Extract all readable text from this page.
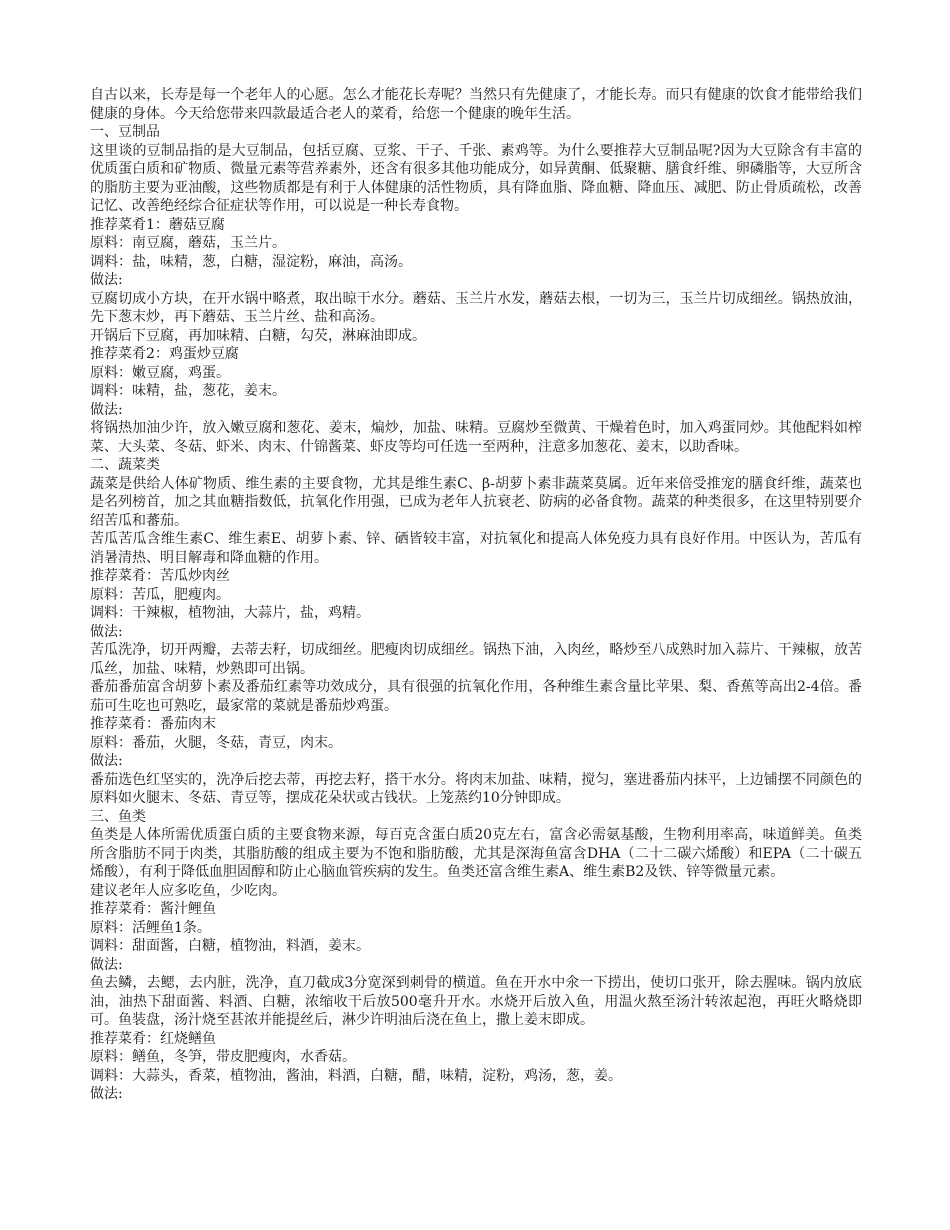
自古以来，长寿是每一个老年人的心愿。怎么才能花长寿呢？当然只有先健康了，才能长寿。而只有健康的饮食才能带给我们健康的身体。今天给您带来四款最适合老人的菜肴，给您一个健康的晚年生活。

一、豆制品

这里谈的豆制品指的是大豆制品，包括豆腐、豆浆、干子、千张、素鸡等。为什么要推荐大豆制品呢?因为大豆除含有丰富的优质蛋白质和矿物质、微量元素等营养素外，还含有很多其他功能成分，如异黄酮、低聚糖、膳食纤维、卵磷脂等，大豆所含的脂肪主要为亚油酸，这些物质都是有利于人体健康的活性物质，具有降血脂、降血糖、降血压、减肥、防止骨质疏松，改善记忆、改善绝经综合征症状等作用，可以说是一种长寿食物。

推荐菜肴1：蘑菇豆腐

原料：南豆腐，蘑菇，玉兰片。

调料：盐，味精，葱，白糖，湿淀粉，麻油，高汤。

做法:

豆腐切成小方块，在开水锅中略煮，取出晾干水分。蘑菇、玉兰片水发，蘑菇去根，一切为三，玉兰片切成细丝。锅热放油，先下葱末炒，再下蘑菇、玉兰片丝、盐和高汤。

开锅后下豆腐，再加味精、白糖，勾芡，淋麻油即成。

推荐菜肴2：鸡蛋炒豆腐

原料：嫩豆腐，鸡蛋。

调料：味精，盐，葱花，姜末。

做法:

将锅热加油少许，放入嫩豆腐和葱花、姜末，煸炒，加盐、味精。豆腐炒至微黄、干燥着色时，加入鸡蛋同炒。其他配料如榨菜、大头菜、冬菇、虾米、肉末、什锦酱菜、虾皮等均可任选一至两种，注意多加葱花、姜末，以助香味。

二、蔬菜类

蔬菜是供给人体矿物质、维生素的主要食物，尤其是维生素C、β-胡萝卜素非蔬菜莫属。近年来倍受推宠的膳食纤维，蔬菜也是名列榜首，加之其血糖指数低，抗氧化作用强，已成为老年人抗衰老、防病的必备食物。蔬菜的种类很多，在这里特别要介绍苦瓜和蕃茄。

苦瓜苦瓜含维生素C、维生素E、胡萝卜素、锌、硒皆较丰富，对抗氧化和提高人体免疫力具有良好作用。中医认为，苦瓜有消暑清热、明目解毒和降血糖的作用。

推荐菜肴：苦瓜炒肉丝

原料：苦瓜，肥瘦肉。

调料：干辣椒，植物油，大蒜片，盐，鸡精。

做法:

苦瓜洗净，切开两瓣，去蒂去籽，切成细丝。肥瘦肉切成细丝。锅热下油，入肉丝，略炒至八成熟时加入蒜片、干辣椒，放苦瓜丝，加盐、味精，炒熟即可出锅。

番茄番茄富含胡萝卜素及番茄红素等功效成分，具有很强的抗氧化作用，各种维生素含量比苹果、梨、香蕉等高出2-4倍。番茄可生吃也可熟吃，最家常的菜就是番茄炒鸡蛋。

推荐菜肴：番茄肉末

原料：番茄，火腿，冬菇，青豆，肉末。

做法:

番茄选色红坚实的，洗净后挖去蒂，再挖去籽，搭干水分。将肉末加盐、味精，搅匀，塞进番茄内抹平，上边铺摆不同颜色的原料如火腿末、冬菇、青豆等，摆成花朵状或古钱状。上笼蒸约10分钟即成。

三、鱼类

鱼类是人体所需优质蛋白质的主要食物来源，每百克含蛋白质20克左右，富含必需氨基酸，生物利用率高，味道鲜美。鱼类所含脂肪不同于肉类，其脂肪酸的组成主要为不饱和脂肪酸，尤其是深海鱼富含DHA（二十二碳六烯酸）和EPA（二十碳五烯酸），有利于降低血胆固醇和防止心脑血管疾病的发生。鱼类还富含维生素A、维生素B2及铁、锌等微量元素。

建议老年人应多吃鱼，少吃肉。

推荐菜肴：酱汁鲤鱼

原料：活鲤鱼1条。

调料：甜面酱，白糖，植物油，料酒，姜末。

做法:

鱼去鳞，去鳃，去内脏，洗净，直刀截成3分宽深到刺骨的横道。鱼在开水中氽一下捞出，使切口张开，除去腥味。锅内放底油，油热下甜面酱、料酒、白糖，浓缩收干后放500毫升开水。水烧开后放入鱼，用温火熬至汤汁转浓起泡，再旺火略烧即可。鱼装盘，汤汁烧至甚浓并能提丝后，淋少许明油后浇在鱼上，撒上姜末即成。

推荐菜肴：红烧鳝鱼

原料：鳝鱼，冬笋，带皮肥瘦肉，水香菇。

调料：大蒜头，香菜，植物油，酱油，料酒，白糖，醋，味精，淀粉，鸡汤，葱，姜。

做法:
